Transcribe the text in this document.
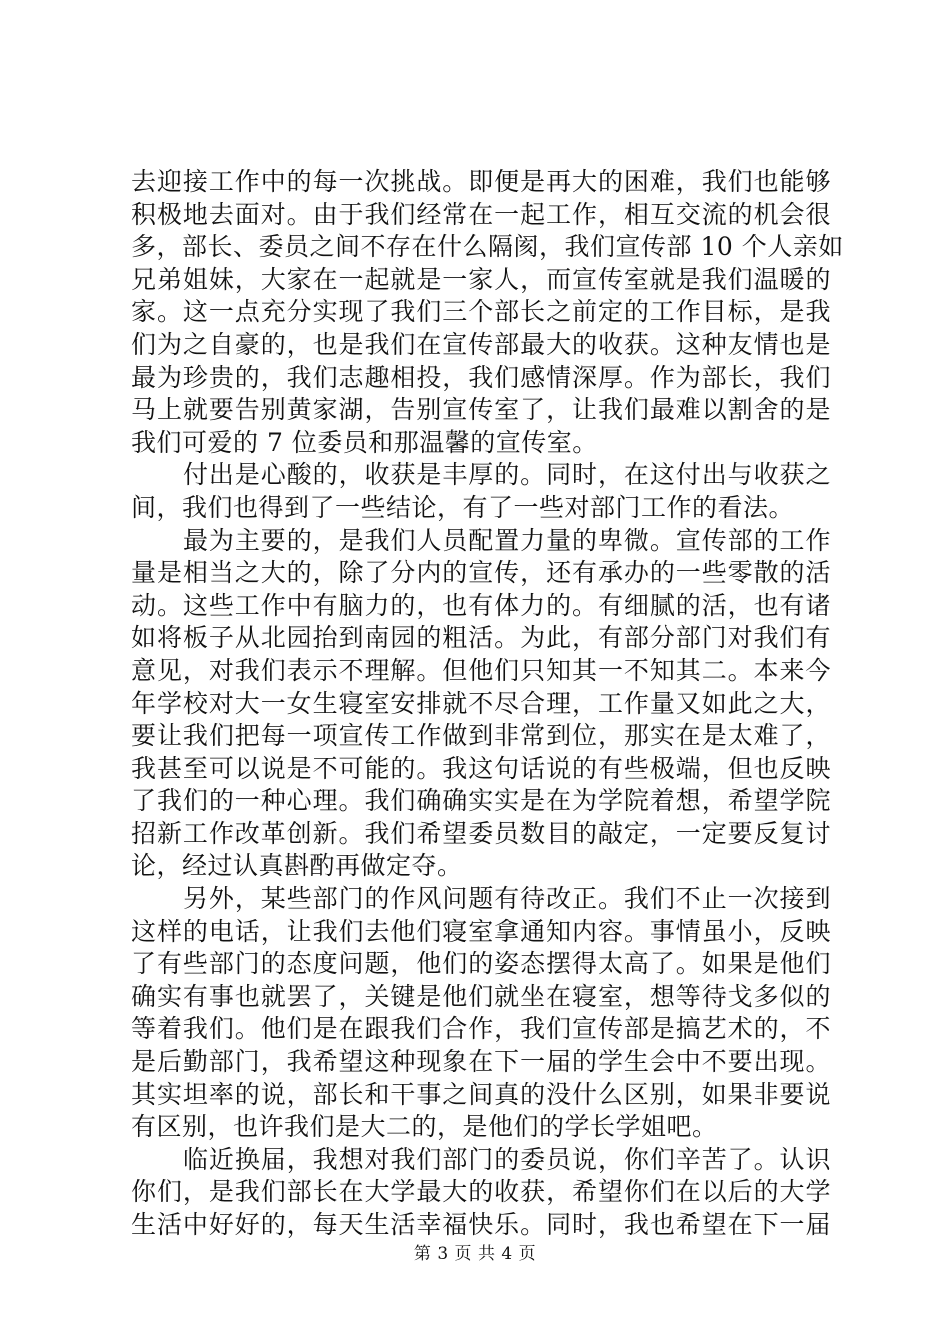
去迎接工作中的每一次挑战。即便是再大的困难，我们也能够
积极地去面对。由于我们经常在一起工作，相互交流的机会很
多，部长、委员之间不存在什么隔阂，我们宣传部 10 个人亲如
兄弟姐妹，大家在一起就是一家人，而宣传室就是我们温暖的
家。这一点充分实现了我们三个部长之前定的工作目标，是我
们为之自豪的，也是我们在宣传部最大的收获。这种友情也是
最为珍贵的，我们志趣相投，我们感情深厚。作为部长，我们
马上就要告别黄家湖，告别宣传室了，让我们最难以割舍的是
我们可爱的 7 位委员和那温馨的宣传室。
付出是心酸的，收获是丰厚的。同时，在这付出与收获之
间，我们也得到了一些结论，有了一些对部门工作的看法。
最为主要的，是我们人员配置力量的卑微。宣传部的工作
量是相当之大的，除了分内的宣传，还有承办的一些零散的活
动。这些工作中有脑力的，也有体力的。有细腻的活，也有诸
如将板子从北园抬到南园的粗活。为此，有部分部门对我们有
意见，对我们表示不理解。但他们只知其一不知其二。本来今
年学校对大一女生寝室安排就不尽合理，工作量又如此之大，
要让我们把每一项宣传工作做到非常到位，那实在是太难了，
我甚至可以说是不可能的。我这句话说的有些极端，但也反映
了我们的一种心理。我们确确实实是在为学院着想，希望学院
招新工作改革创新。我们希望委员数目的敲定，一定要反复讨
论，经过认真斟酌再做定夺。
另外，某些部门的作风问题有待改正。我们不止一次接到
这样的电话，让我们去他们寝室拿通知内容。事情虽小，反映
了有些部门的态度问题，他们的姿态摆得太高了。如果是他们
确实有事也就罢了，关键是他们就坐在寝室，想等待戈多似的
等着我们。他们是在跟我们合作，我们宣传部是搞艺术的，不
是后勤部门，我希望这种现象在下一届的学生会中不要出现。
其实坦率的说，部长和干事之间真的没什么区别，如果非要说
有区别，也许我们是大二的，是他们的学长学姐吧。
临近换届，我想对我们部门的委员说，你们辛苦了。认识
你们，是我们部长在大学最大的收获，希望你们在以后的大学
生活中好好的，每天生活幸福快乐。同时，我也希望在下一届
第 3 页 共 4 页
